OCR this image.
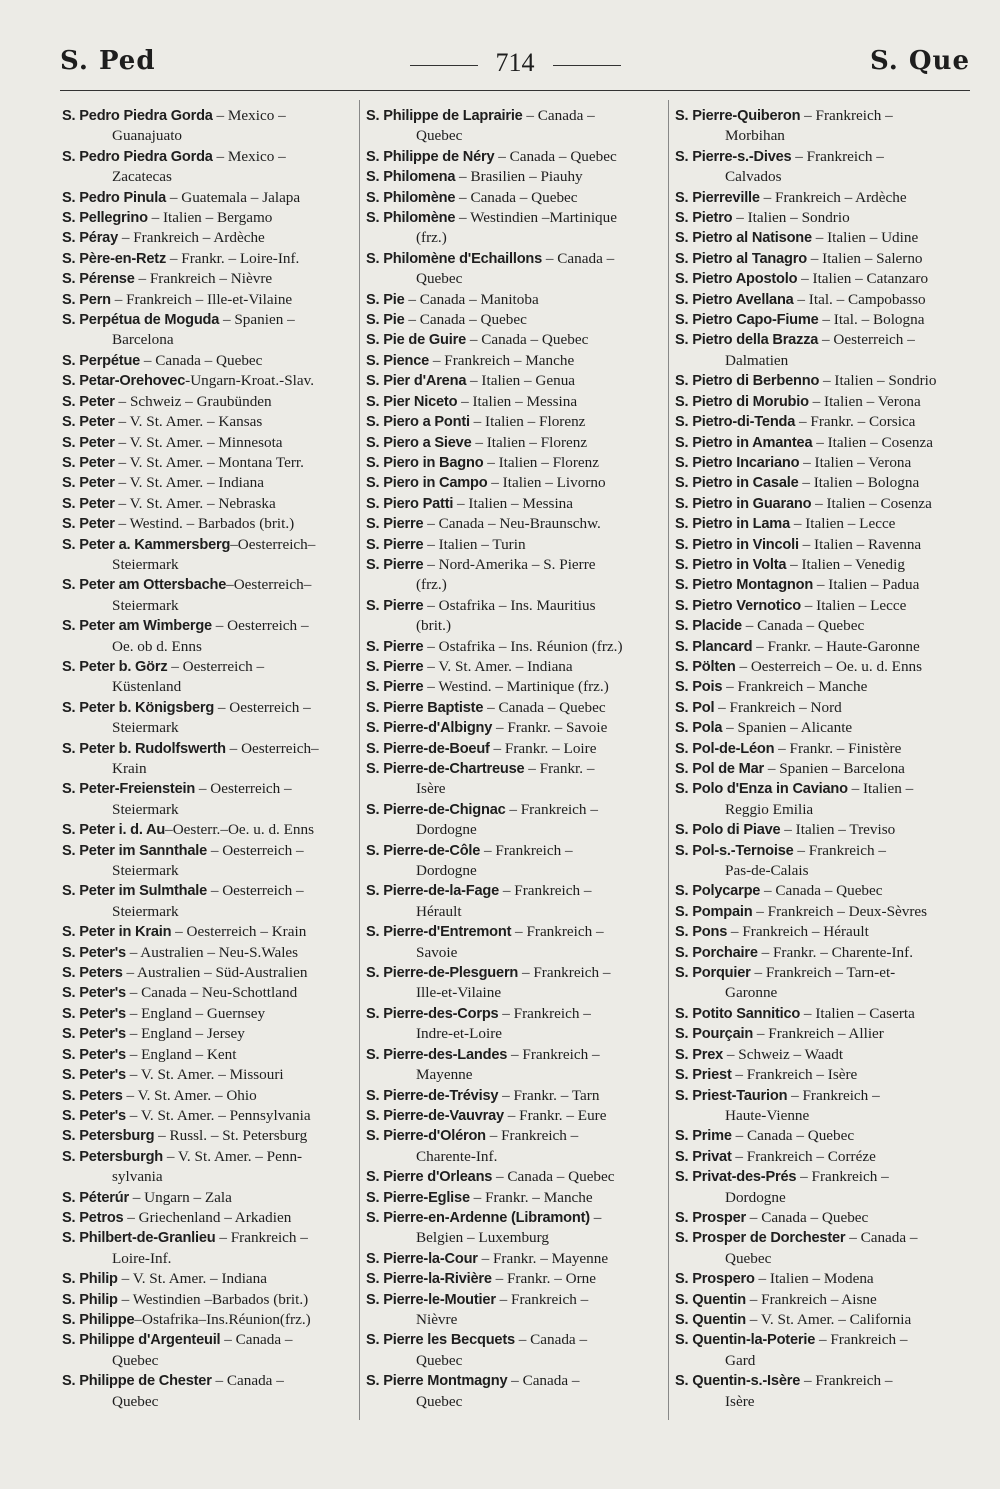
S. Ped	714	S. Que
S. Pedro Piedra Gorda – Mexico –
Guanajuato
S. Pedro Piedra Gorda – Mexico –
Zacatecas
S. Pedro Pinula – Guatemala – Jalapa
S. Pellegrino – Italien – Bergamo
S. Péray – Frankreich – Ardèche
S. Père-en-Retz – Frankr. – Loire-Inf.
S. Pérense – Frankreich – Nièvre
S. Pern – Frankreich – Ille-et-Vilaine
S. Perpétua de Moguda – Spanien –
Barcelona
S. Perpétue – Canada – Quebec
S. Petar-Orehovec-Ungarn-Kroat.-Slav.
S. Peter – Schweiz – Graubünden
S. Peter – V. St. Amer. – Kansas
S. Peter – V. St. Amer. – Minnesota
S. Peter – V. St. Amer. – Montana Terr.
S. Peter – V. St. Amer. – Indiana
S. Peter – V. St. Amer. – Nebraska
S. Peter – Westind. – Barbados (brit.)
S. Peter a. Kammersberg–Oesterreich–
Steiermark
S. Peter am Ottersbache–Oesterreich–
Steiermark
S. Peter am Wimberge – Oesterreich –
Oe. ob d. Enns
S. Peter b. Görz – Oesterreich –
Küstenland
S. Peter b. Königsberg – Oesterreich –
Steiermark
S. Peter b. Rudolfswerth – Oesterreich–
Krain
S. Peter-Freienstein – Oesterreich –
Steiermark
S. Peter i. d. Au–Oesterr.–Oe. u. d. Enns
S. Peter im Sannthale – Oesterreich –
Steiermark
S. Peter im Sulmthale – Oesterreich –
Steiermark
S. Peter in Krain – Oesterreich – Krain
S. Peter's – Australien – Neu-S.Wales
S. Peters – Australien – Süd-Australien
S. Peter's – Canada – Neu-Schottland
S. Peter's – England – Guernsey
S. Peter's – England – Jersey
S. Peter's – England – Kent
S. Peter's – V. St. Amer. – Missouri
S. Peters – V. St. Amer. – Ohio
S. Peter's – V. St. Amer. – Pennsylvania
S. Petersburg – Russl. – St. Petersburg
S. Petersburgh – V. St. Amer. – Penn-
sylvania
S. Péterúr – Ungarn – Zala
S. Petros – Griechenland – Arkadien
S. Philbert-de-Granlieu – Frankreich –
Loire-Inf.
S. Philip – V. St. Amer. – Indiana
S. Philip – Westindien –Barbados (brit.)
S. Philippe–Ostafrika–Ins.Réunion(frz.)
S. Philippe d'Argenteuil – Canada –
Quebec
S. Philippe de Chester – Canada –
Quebec
S. Philippe de Laprairie – Canada –
Quebec
S. Philippe de Néry – Canada – Quebec
S. Philomena – Brasilien – Piauhy
S. Philomène – Canada – Quebec
S. Philomène – Westindien –Martinique
(frz.)
S. Philomène d'Echaillons – Canada –
Quebec
S. Pie – Canada – Manitoba
S. Pie – Canada – Quebec
S. Pie de Guire – Canada – Quebec
S. Pience – Frankreich – Manche
S. Pier d'Arena – Italien – Genua
S. Pier Niceto – Italien – Messina
S. Piero a Ponti – Italien – Florenz
S. Piero a Sieve – Italien – Florenz
S. Piero in Bagno – Italien – Florenz
S. Piero in Campo – Italien – Livorno
S. Piero Patti – Italien – Messina
S. Pierre – Canada – Neu-Braunschw.
S. Pierre – Italien – Turin
S. Pierre – Nord-Amerika – S. Pierre
(frz.)
S. Pierre – Ostafrika – Ins. Mauritius
(brit.)
S. Pierre – Ostafrika – Ins. Réunion (frz.)
S. Pierre – V. St. Amer. – Indiana
S. Pierre – Westind. – Martinique (frz.)
S. Pierre Baptiste – Canada – Quebec
S. Pierre-d'Albigny – Frankr. – Savoie
S. Pierre-de-Boeuf – Frankr. – Loire
S. Pierre-de-Chartreuse – Frankr. –
Isère
S. Pierre-de-Chignac – Frankreich –
Dordogne
S. Pierre-de-Côle – Frankreich –
Dordogne
S. Pierre-de-la-Fage – Frankreich –
Hérault
S. Pierre-d'Entremont – Frankreich –
Savoie
S. Pierre-de-Plesguern – Frankreich –
Ille-et-Vilaine
S. Pierre-des-Corps – Frankreich –
Indre-et-Loire
S. Pierre-des-Landes – Frankreich –
Mayenne
S. Pierre-de-Trévisy – Frankr. – Tarn
S. Pierre-de-Vauvray – Frankr. – Eure
S. Pierre-d'Oléron – Frankreich –
Charente-Inf.
S. Pierre d'Orleans – Canada – Quebec
S. Pierre-Eglise – Frankr. – Manche
S. Pierre-en-Ardenne (Libramont) –
Belgien – Luxemburg
S. Pierre-la-Cour – Frankr. – Mayenne
S. Pierre-la-Rivière – Frankr. – Orne
S. Pierre-le-Moutier – Frankreich –
Nièvre
S. Pierre les Becquets – Canada –
Quebec
S. Pierre Montmagny – Canada –
Quebec
S. Pierre-Quiberon – Frankreich –
Morbihan
S. Pierre-s.-Dives – Frankreich –
Calvados
S. Pierreville – Frankreich – Ardèche
S. Pietro – Italien – Sondrio
S. Pietro al Natisone – Italien – Udine
S. Pietro al Tanagro – Italien – Salerno
S. Pietro Apostolo – Italien – Catanzaro
S. Pietro Avellana – Ital. – Campobasso
S. Pietro Capo-Fiume – Ital. – Bologna
S. Pietro della Brazza – Oesterreich –
Dalmatien
S. Pietro di Berbenno – Italien – Sondrio
S. Pietro di Morubio – Italien – Verona
S. Pietro-di-Tenda – Frankr. – Corsica
S. Pietro in Amantea – Italien – Cosenza
S. Pietro Incariano – Italien – Verona
S. Pietro in Casale – Italien – Bologna
S. Pietro in Guarano – Italien – Cosenza
S. Pietro in Lama – Italien – Lecce
S. Pietro in Vincoli – Italien – Ravenna
S. Pietro in Volta – Italien – Venedig
S. Pietro Montagnon – Italien – Padua
S. Pietro Vernotico – Italien – Lecce
S. Placide – Canada – Quebec
S. Plancard – Frankr. – Haute-Garonne
S. Pölten – Oesterreich – Oe. u. d. Enns
S. Pois – Frankreich – Manche
S. Pol – Frankreich – Nord
S. Pola – Spanien – Alicante
S. Pol-de-Léon – Frankr. – Finistère
S. Pol de Mar – Spanien – Barcelona
S. Polo d'Enza in Caviano – Italien –
Reggio Emilia
S. Polo di Piave – Italien – Treviso
S. Pol-s.-Ternoise – Frankreich –
Pas-de-Calais
S. Polycarpe – Canada – Quebec
S. Pompain – Frankreich – Deux-Sèvres
S. Pons – Frankreich – Hérault
S. Porchaire – Frankr. – Charente-Inf.
S. Porquier – Frankreich – Tarn-et-
Garonne
S. Potito Sannitico – Italien – Caserta
S. Pourçain – Frankreich – Allier
S. Prex – Schweiz – Waadt
S. Priest – Frankreich – Isère
S. Priest-Taurion – Frankreich –
Haute-Vienne
S. Prime – Canada – Quebec
S. Privat – Frankreich – Corréze
S. Privat-des-Prés – Frankreich –
Dordogne
S. Prosper – Canada – Quebec
S. Prosper de Dorchester – Canada –
Quebec
S. Prospero – Italien – Modena
S. Quentin – Frankreich – Aisne
S. Quentin – V. St. Amer. – California
S. Quentin-la-Poterie – Frankreich –
Gard
S. Quentin-s.-Isère – Frankreich –
Isère
